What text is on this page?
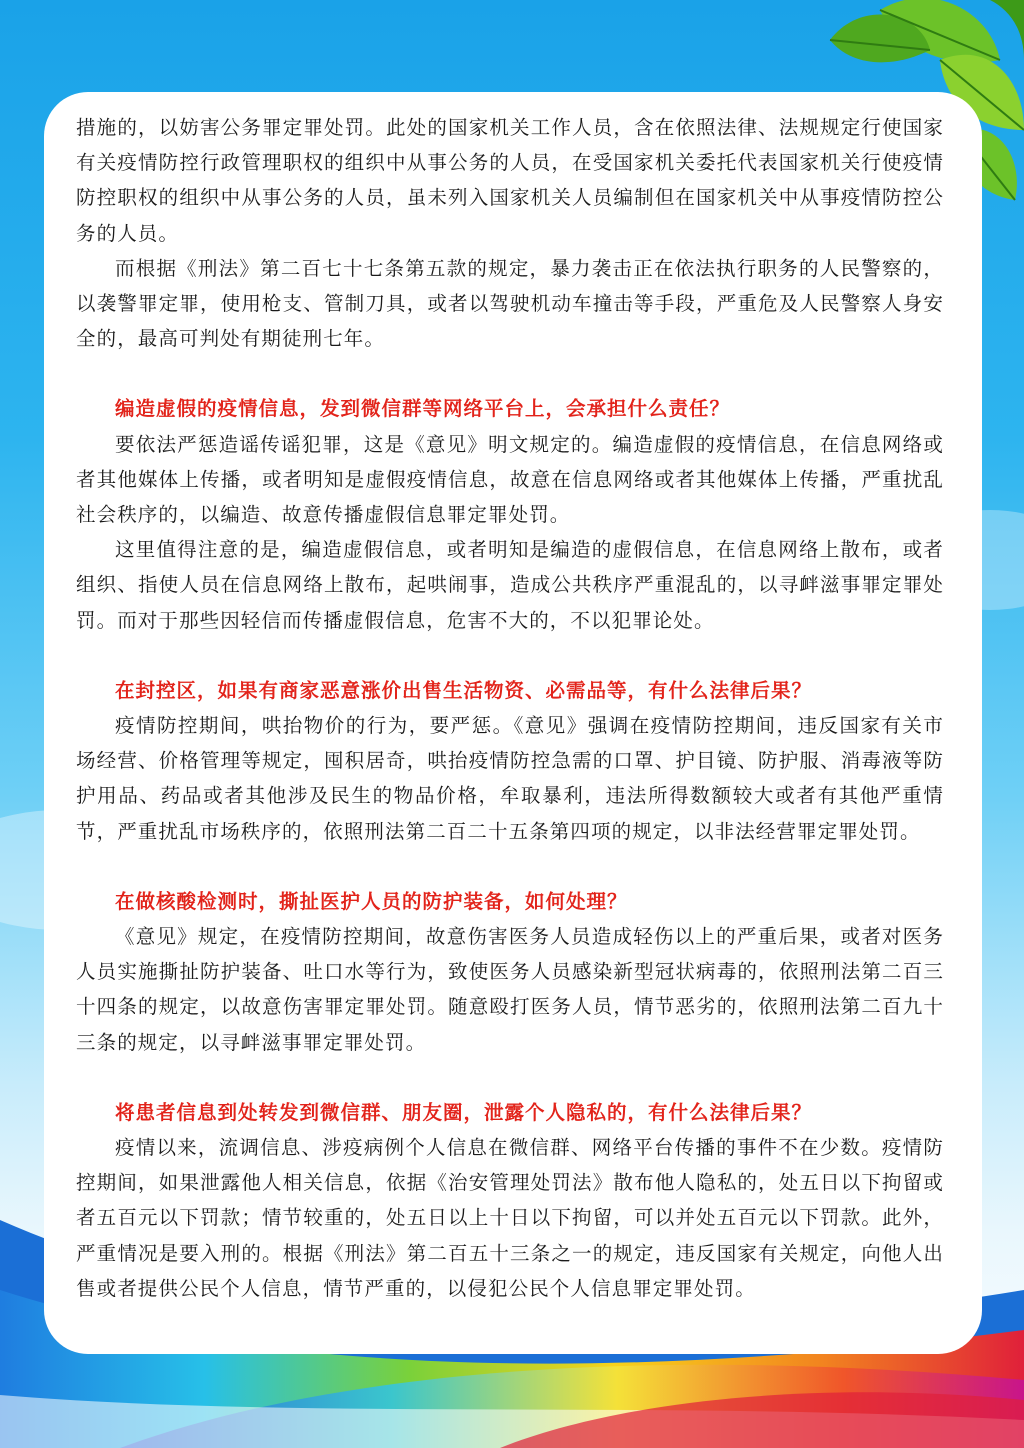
措施的，以妨害公务罪定罪处罚。此处的国家机关工作人员，含在依照法律、法规规定行使国家有关疫情防控行政管理职权的组织中从事公务的人员，在受国家机关委托代表国家机关行使疫情防控职权的组织中从事公务的人员，虽未列入国家机关人员编制但在国家机关中从事疫情防控公务的人员。

而根据《刑法》第二百七十七条第五款的规定，暴力袭击正在依法执行职务的人民警察的，以袭警罪定罪，使用枪支、管制刀具，或者以驾驶机动车撞击等手段，严重危及人民警察人身安全的，最高可判处有期徒刑七年。

编造虚假的疫情信息，发到微信群等网络平台上，会承担什么责任？

要依法严惩造谣传谣犯罪，这是《意见》明文规定的。编造虚假的疫情信息，在信息网络或者其他媒体上传播，或者明知是虚假疫情信息，故意在信息网络或者其他媒体上传播，严重扰乱社会秩序的，以编造、故意传播虚假信息罪定罪处罚。

这里值得注意的是，编造虚假信息，或者明知是编造的虚假信息，在信息网络上散布，或者组织、指使人员在信息网络上散布，起哄闹事，造成公共秩序严重混乱的，以寻衅滋事罪定罪处罚。而对于那些因轻信而传播虚假信息，危害不大的，不以犯罪论处。

在封控区，如果有商家恶意涨价出售生活物资、必需品等，有什么法律后果？

疫情防控期间，哄抬物价的行为，要严惩。《意见》强调在疫情防控期间，违反国家有关市场经营、价格管理等规定，囤积居奇，哄抬疫情防控急需的口罩、护目镜、防护服、消毒液等防护用品、药品或者其他涉及民生的物品价格，牟取暴利，违法所得数额较大或者有其他严重情节，严重扰乱市场秩序的，依照刑法第二百二十五条第四项的规定，以非法经营罪定罪处罚。

在做核酸检测时，撕扯医护人员的防护装备，如何处理？

《意见》规定，在疫情防控期间，故意伤害医务人员造成轻伤以上的严重后果，或者对医务人员实施撕扯防护装备、吐口水等行为，致使医务人员感染新型冠状病毒的，依照刑法第二百三十四条的规定，以故意伤害罪定罪处罚。随意殴打医务人员，情节恶劣的，依照刑法第二百九十三条的规定，以寻衅滋事罪定罪处罚。

将患者信息到处转发到微信群、朋友圈，泄露个人隐私的，有什么法律后果？

疫情以来，流调信息、涉疫病例个人信息在微信群、网络平台传播的事件不在少数。疫情防控期间，如果泄露他人相关信息，依据《治安管理处罚法》散布他人隐私的，处五日以下拘留或者五百元以下罚款；情节较重的，处五日以上十日以下拘留，可以并处五百元以下罚款。此外，严重情况是要入刑的。根据《刑法》第二百五十三条之一的规定，违反国家有关规定，向他人出售或者提供公民个人信息，情节严重的，以侵犯公民个人信息罪定罪处罚。
